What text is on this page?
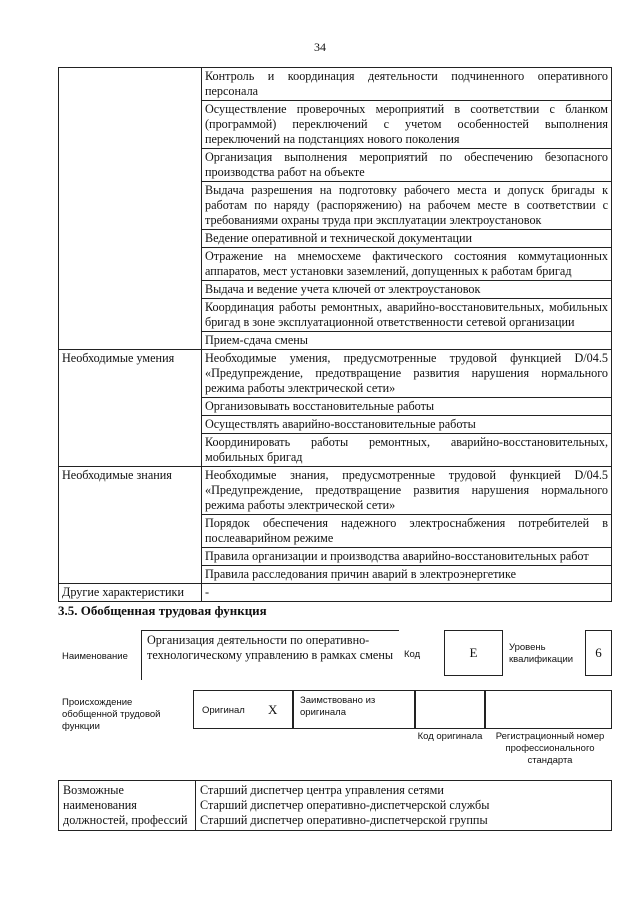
34
	Контроль и координация деятельности подчиненного оперативного персонала
	Осуществление проверочных мероприятий в соответствии с бланком (программой) переключений с учетом особенностей выполнения переключений на подстанциях нового поколения
	Организация выполнения мероприятий по обеспечению безопасного производства работ на объекте
	Выдача разрешения на подготовку рабочего места и допуск бригады к работам по наряду (распоряжению) на рабочем месте в соответствии с требованиями охраны труда при эксплуатации электроустановок
	Ведение оперативной и технической документации
	Отражение на мнемосхеме фактического состояния коммутационных аппаратов, мест установки заземлений, допущенных к работам бригад
	Выдача и ведение учета ключей от электроустановок
	Координация работы ремонтных, аварийно-восстановительных, мобильных бригад в зоне эксплуатационной ответственности сетевой организации
	Прием-сдача смены
Необходимые умения	Необходимые умения, предусмотренные трудовой функцией D/04.5 «Предупреждение, предотвращение развития нарушения нормального режима работы электрической сети»
	Организовывать восстановительные работы
	Осуществлять аварийно-восстановительные работы
	Координировать работы ремонтных, аварийно-восстановительных, мобильных бригад
Необходимые знания	Необходимые знания, предусмотренные трудовой функцией D/04.5 «Предупреждение, предотвращение развития нарушения нормального режима работы электрической сети»
	Порядок обеспечения надежного электроснабжения потребителей в послеаварийном режиме
	Правила организации и производства аварийно-восстановительных работ
	Правила расследования причин аварий в электроэнергетике
Другие характеристики	-
3.5. Обобщенная трудовая функция
Наименование
Организация деятельности по оперативно-технологическому управлению в рамках смены	Код	E	Уровень квалификации	6
Происхождение обобщенной трудовой функции
Оригинал X
Заимствовано из оригинала
Код оригинала	Регистрационный номер профессионального стандарта
Возможные наименования должностей, профессий	
Старший диспетчер центра управления сетями
Старший диспетчер оперативно-диспетчерской службы
Старший диспетчер оперативно-диспетчерской группы
